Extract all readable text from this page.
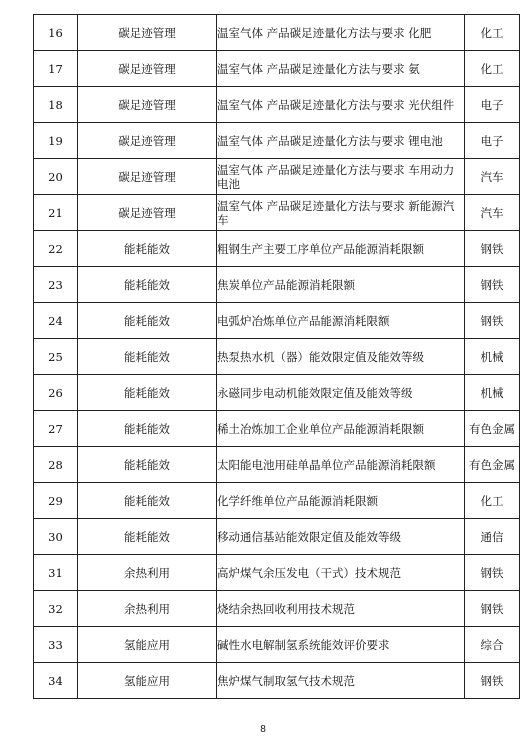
16	碳足迹管理	温室气体 产品碳足迹量化方法与要求 化肥	化工
17	碳足迹管理	温室气体 产品碳足迹量化方法与要求 氨	化工
18	碳足迹管理	温室气体 产品碳足迹量化方法与要求 光伏组件	电子
19	碳足迹管理	温室气体 产品碳足迹量化方法与要求 锂电池	电子
20	碳足迹管理	温室气体 产品碳足迹量化方法与要求 车用动力电池	汽车
21	碳足迹管理	温室气体 产品碳足迹量化方法与要求 新能源汽车	汽车
22	能耗能效	粗钢生产主要工序单位产品能源消耗限额	钢铁
23	能耗能效	焦炭单位产品能源消耗限额	钢铁
24	能耗能效	电弧炉冶炼单位产品能源消耗限额	钢铁
25	能耗能效	热泵热水机（器）能效限定值及能效等级	机械
26	能耗能效	永磁同步电动机能效限定值及能效等级	机械
27	能耗能效	稀土冶炼加工企业单位产品能源消耗限额	有色金属
28	能耗能效	太阳能电池用硅单晶单位产品能源消耗限额	有色金属
29	能耗能效	化学纤维单位产品能源消耗限额	化工
30	能耗能效	移动通信基站能效限定值及能效等级	通信
31	余热利用	高炉煤气余压发电（干式）技术规范	钢铁
32	余热利用	烧结余热回收利用技术规范	钢铁
33	氢能应用	碱性水电解制氢系统能效评价要求	综合
34	氢能应用	焦炉煤气制取氢气技术规范	钢铁
8
